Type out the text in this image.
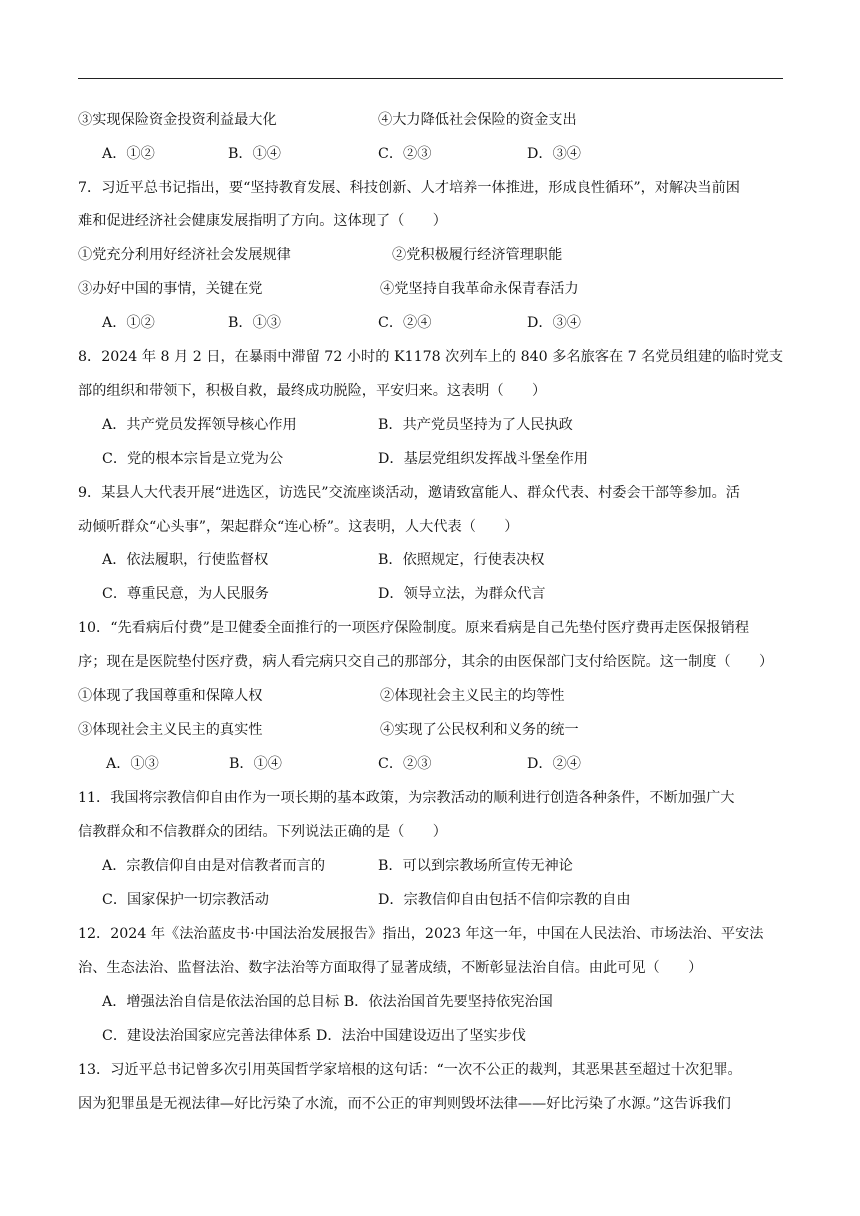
③实现保险资金投资利益最大化	④大力降低社会保险的资金支出
A．①②	B．①④	C．②③	D．③④
7．习近平总书记指出，要“坚持教育发展、科技创新、人才培养一体推进，形成良性循环”，对解决当前困
难和促进经济社会健康发展指明了方向。这体现了（　　）
①党充分利用好经济社会发展规律	②党积极履行经济管理职能
③办好中国的事情，关键在党	④党坚持自我革命永保青春活力
A．①②	B．①③	C．②④	D．③④
8．2024 年 8 月 2 日，在暴雨中滞留 72 小时的 K1178 次列车上的 840 多名旅客在 7 名党员组建的临时党支
部的组织和带领下，积极自救，最终成功脱险，平安归来。这表明（　　）
A．共产党员发挥领导核心作用	B．共产党员坚持为了人民执政
C．党的根本宗旨是立党为公	D．基层党组织发挥战斗堡垒作用
9．某县人大代表开展“进选区，访选民”交流座谈活动，邀请致富能人、群众代表、村委会干部等参加。活
动倾听群众“心头事”，架起群众“连心桥”。这表明，人大代表（　　）
A．依法履职，行使监督权	B．依照规定，行使表决权
C．尊重民意，为人民服务	D．领导立法，为群众代言
10．“先看病后付费”是卫健委全面推行的一项医疗保险制度。原来看病是自己先垫付医疗费再走医保报销程
序；现在是医院垫付医疗费，病人看完病只交自己的那部分，其余的由医保部门支付给医院。这一制度（　　）
①体现了我国尊重和保障人权	②体现社会主义民主的均等性
③体现社会主义民主的真实性	④实现了公民权利和义务的统一
A．①③	B．①④	C．②③	D．②④
11．我国将宗教信仰自由作为一项长期的基本政策，为宗教活动的顺利进行创造各种条件，不断加强广大
信教群众和不信教群众的团结。下列说法正确的是（　　）
A．宗教信仰自由是对信教者而言的	B．可以到宗教场所宣传无神论
C．国家保护一切宗教活动	D．宗教信仰自由包括不信仰宗教的自由
12．2024 年《法治蓝皮书·中国法治发展报告》指出，2023 年这一年，中国在人民法治、市场法治、平安法
治、生态法治、监督法治、数字法治等方面取得了显著成绩，不断彰显法治自信。由此可见（　　）
A．增强法治自信是依法治国的总目标 B．依法治国首先要坚持依宪治国
C．建设法治国家应完善法律体系 D．法治中国建设迈出了坚实步伐
13．习近平总书记曾多次引用英国哲学家培根的这句话：“一次不公正的裁判，其恶果甚至超过十次犯罪。
因为犯罪虽是无视法律—好比污染了水流，而不公正的审判则毁坏法律——好比污染了水源。”这告诉我们
